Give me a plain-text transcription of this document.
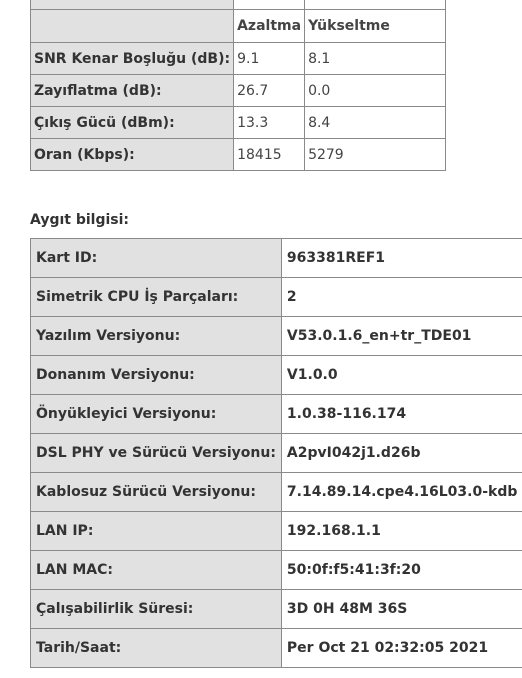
	Azaltma	Yükseltme
SNR Kenar Boşluğu (dB):	9.1	8.1
Zayıflatma (dB):	26.7	0.0
Çıkış Gücü (dBm):	13.3	8.4
Oran (Kbps):	18415	5279
Aygıt bilgisi:
Kart ID:	963381REF1
Simetrik CPU İş Parçaları:	2
Yazılım Versiyonu:	V53.0.1.6_en+tr_TDE01
Donanım Versiyonu:	V1.0.0
Önyükleyici Versiyonu:	1.0.38-116.174
DSL PHY ve Sürücü Versiyonu:	A2pvI042j1.d26b
Kablosuz Sürücü Versiyonu:	7.14.89.14.cpe4.16L03.0-kdb
LAN IP:	192.168.1.1
LAN MAC:	50:0f:f5:41:3f:20
Çalışabilirlik Süresi:	3D 0H 48M 36S
Tarih/Saat:	Per Oct 21 02:32:05 2021
